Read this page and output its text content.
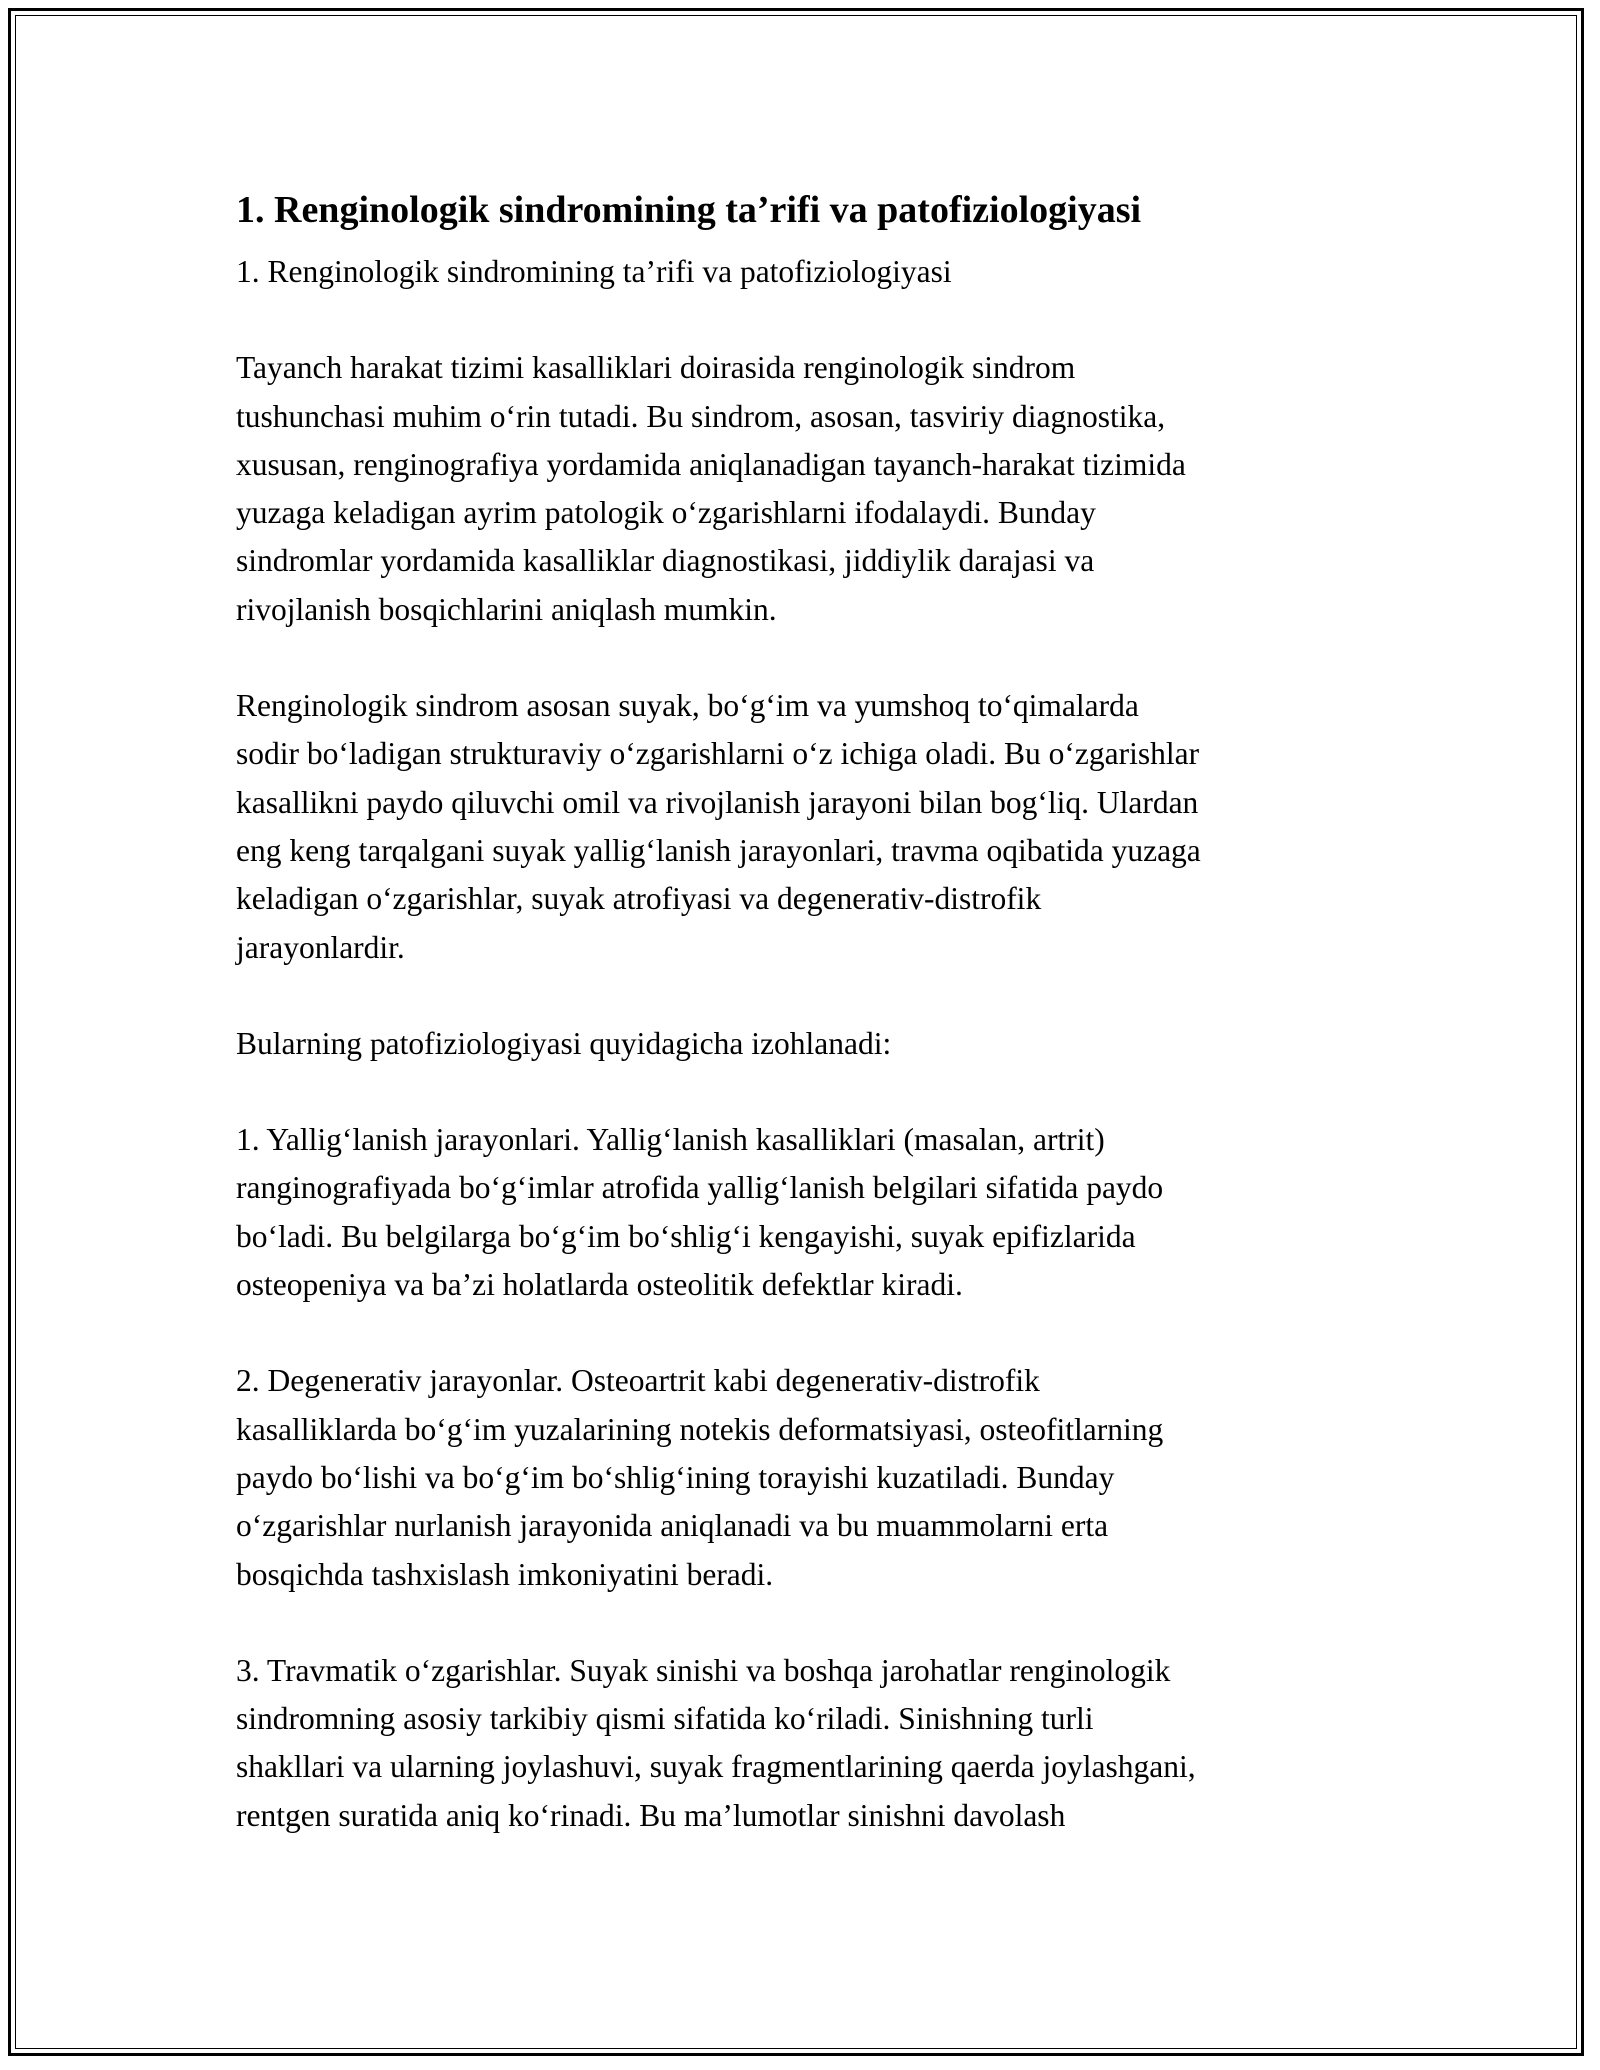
1. Renginologik sindromining ta’rifi va patofiziologiyasi

1. Renginologik sindromining ta’rifi va patofiziologiyasi

Tayanch harakat tizimi kasalliklari doirasida renginologik sindrom
tushunchasi muhim o‘rin tutadi. Bu sindrom, asosan, tasviriy diagnostika,
xususan, renginografiya yordamida aniqlanadigan tayanch-harakat tizimida
yuzaga keladigan ayrim patologik o‘zgarishlarni ifodalaydi. Bunday
sindromlar yordamida kasalliklar diagnostikasi, jiddiylik darajasi va
rivojlanish bosqichlarini aniqlash mumkin.

Renginologik sindrom asosan suyak, bo‘g‘im va yumshoq to‘qimalarda
sodir bo‘ladigan strukturaviy o‘zgarishlarni o‘z ichiga oladi. Bu o‘zgarishlar
kasallikni paydo qiluvchi omil va rivojlanish jarayoni bilan bog‘liq. Ulardan
eng keng tarqalgani suyak yallig‘lanish jarayonlari, travma oqibatida yuzaga
keladigan o‘zgarishlar, suyak atrofiyasi va degenerativ-distrofik
jarayonlardir.

Bularning patofiziologiyasi quyidagicha izohlanadi:

1. Yallig‘lanish jarayonlari. Yallig‘lanish kasalliklari (masalan, artrit)
ranginografiyada bo‘g‘imlar atrofida yallig‘lanish belgilari sifatida paydo
bo‘ladi. Bu belgilarga bo‘g‘im bo‘shlig‘i kengayishi, suyak epifizlarida
osteopeniya va ba’zi holatlarda osteolitik defektlar kiradi.

2. Degenerativ jarayonlar. Osteoartrit kabi degenerativ-distrofik
kasalliklarda bo‘g‘im yuzalarining notekis deformatsiyasi, osteofitlarning
paydo bo‘lishi va bo‘g‘im bo‘shlig‘ining torayishi kuzatiladi. Bunday
o‘zgarishlar nurlanish jarayonida aniqlanadi va bu muammolarni erta
bosqichda tashxislash imkoniyatini beradi.

3. Travmatik o‘zgarishlar. Suyak sinishi va boshqa jarohatlar renginologik
sindromning asosiy tarkibiy qismi sifatida ko‘riladi. Sinishning turli
shakllari va ularning joylashuvi, suyak fragmentlarining qaerda joylashgani,
rentgen suratida aniq ko‘rinadi. Bu ma’lumotlar sinishni davolash
